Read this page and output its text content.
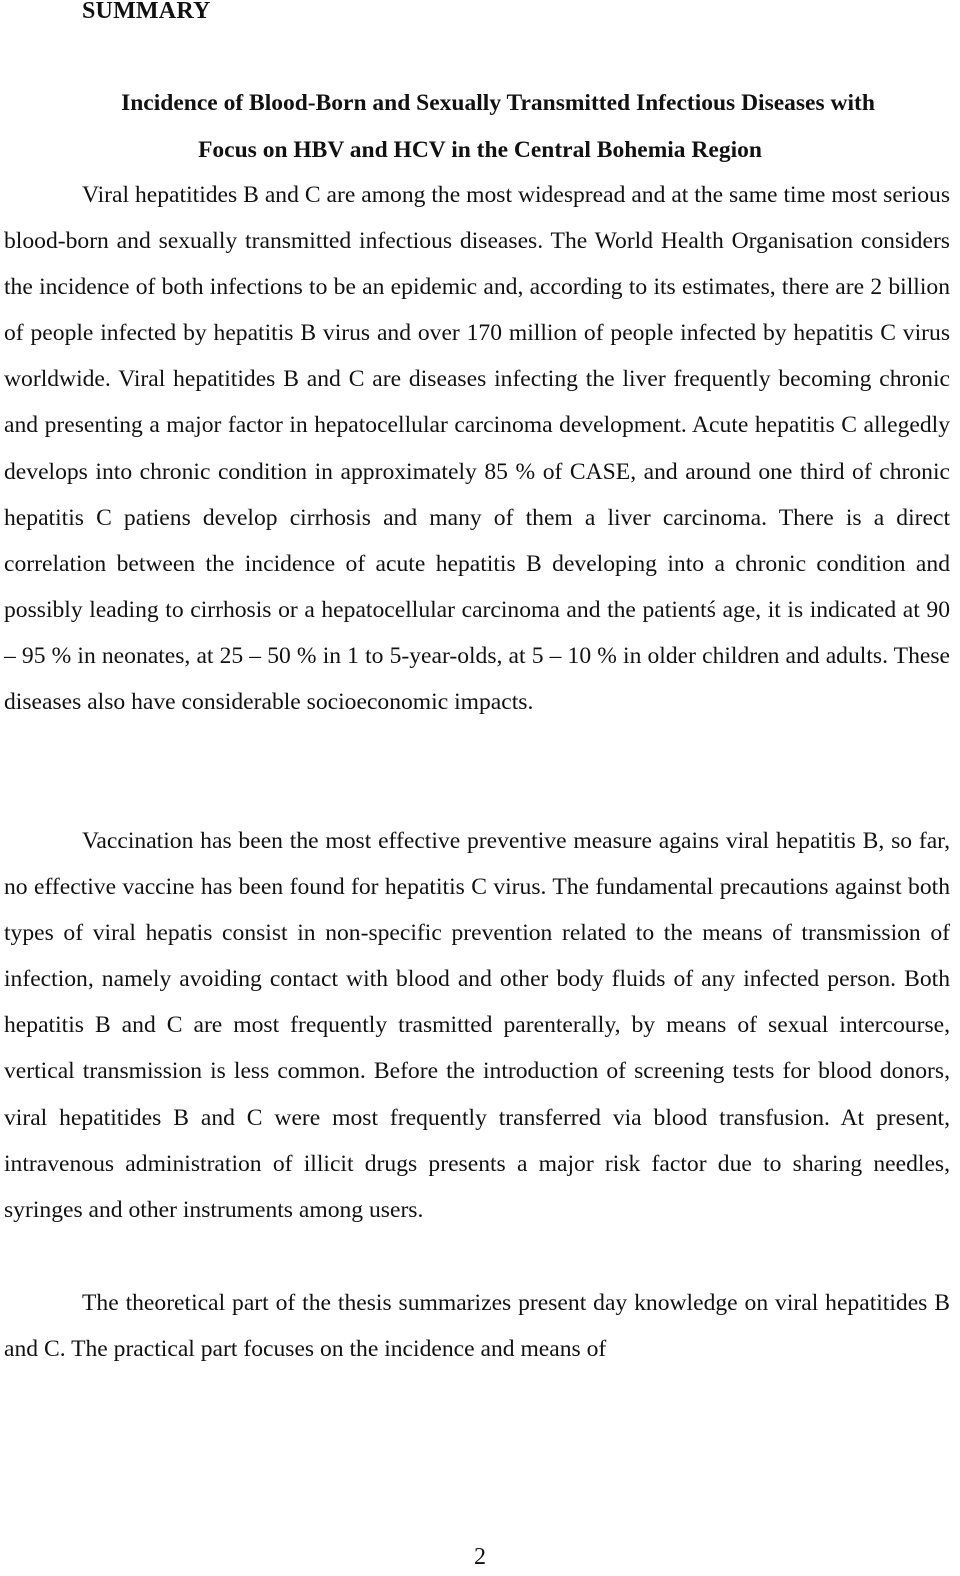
SUMMARY
Incidence of Blood-Born and Sexually Transmitted Infectious Diseases with
Focus on HBV and HCV in the Central Bohemia Region

Viral hepatitides B and C are among the most widespread and at the same time most serious blood-born and sexually transmitted infectious diseases. The World Health Organisation considers the incidence of both infections to be an epidemic and, according to its estimates, there are 2 billion of people infected by hepatitis B virus and over 170 million of people infected by hepatitis C virus worldwide. Viral hepatitides B and C are diseases infecting the liver frequently becoming chronic and presenting a major factor in hepatocellular carcinoma development. Acute hepatitis C allegedly develops into chronic condition in approximately 85 % of CASE, and around one third of chronic hepatitis C patiens develop cirrhosis and many of them a liver carcinoma. There is a direct correlation between the incidence of acute hepatitis B developing into a chronic condition and possibly leading to cirrhosis or a hepatocellular carcinoma and the patientś age, it is indicated at 90 – 95 % in neonates, at 25 – 50 % in 1 to 5-year-olds, at 5 – 10 % in older children and adults. These diseases also have considerable socioeconomic impacts.

Vaccination has been the most effective preventive measure agains viral hepatitis B, so far, no effective vaccine has been found for hepatitis C virus. The fundamental precautions against both types of viral hepatis consist in non-specific prevention related to the means of transmission of infection, namely avoiding contact with blood and other body fluids of any infected person. Both hepatitis B and C are most frequently trasmitted parenterally, by means of sexual intercourse, vertical transmission is less common. Before the introduction of screening tests for blood donors, viral hepatitides B and C were most frequently transferred via blood transfusion. At present, intravenous administration of illicit drugs presents a major risk factor due to sharing needles, syringes and other instruments among users.

The theoretical part of the thesis summarizes present day knowledge on viral hepatitides B and C. The practical part focuses on the incidence and means of

2
